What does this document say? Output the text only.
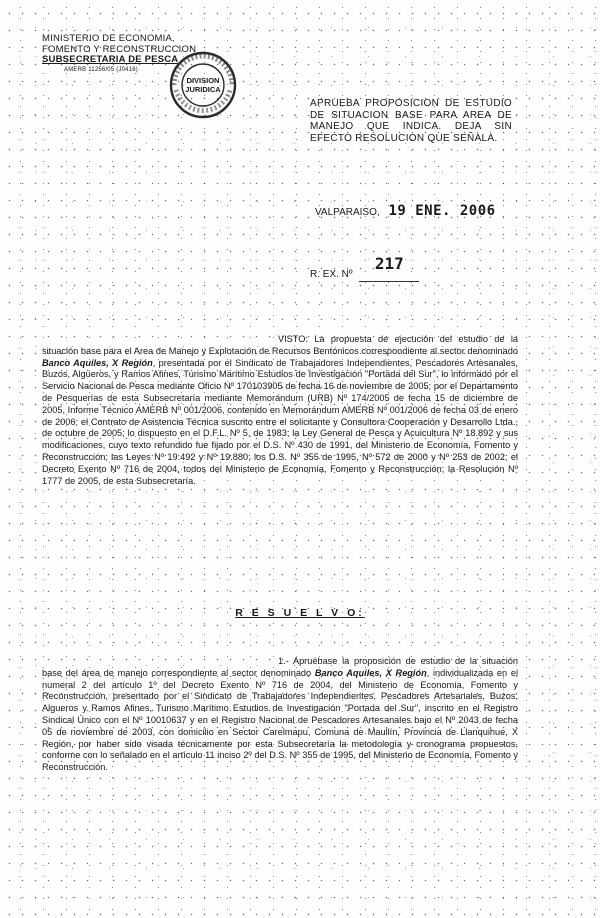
MINISTERIO DE ECONOMIA,
FOMENTO Y RECONSTRUCCION
SUBSECRETARIA DE PESCA
AMERB 11256/05 (J0416)
DIVISION
JURIDICA
APRUEBA PROPOSICION DE ESTUDIO DE SITUACION BASE PARA AREA DE MANEJO QUE INDICA. DEJA SIN EFECTO RESOLUCION QUE SEÑALA.
VALPARAISO, 19 ENE. 2006
R. EX. Nº 217
VISTO: La propuesta de ejecución del estudio de la situación base para el Area de Manejo y Explotación de Recursos Bentónicos correspondiente al sector denominado Banco Aquiles, X Región, presentada por el Sindicato de Trabajadores Independientes, Pescadores Artesanales, Buzos, Algueros, y Ramos Afines, Turismo Marítimo Estudios de Investigación "Portada del Sur", lo informado por el Servicio Nacional de Pesca mediante Oficio Nº 170103905 de fecha 16 de noviembre de 2005; por el Departamento de Pesquerías de esta Subsecretaría mediante Memorándum (URB) Nº 174/2005 de fecha 15 de diciembre de 2005, Informe Técnico AMERB Nº 001/2006, contenido en Memorándum AMERB Nº 001/2006 de fecha 03 de enero de 2006; el Contrato de Asistencia Técnica suscrito entre el solicitante y Consultora Cooperación y Desarrollo Ltda., de octubre de 2005; lo dispuesto en el D.F.L. Nº 5, de 1983; la Ley General de Pesca y Acuicultura Nº 18.892 y sus modificaciones, cuyo texto refundido fue fijado por el D.S. Nº 430 de 1991, del Ministerio de Economía, Fomento y Reconstrucción; las Leyes Nº 19.492 y Nº 19.880; los D.S. Nº 355 de 1995, Nº 572 de 2000 y Nº 253 de 2002; el Decreto Exento Nº 716 de 2004, todos del Ministerio de Economía, Fomento y Reconstrucción; la Resolución Nº 1777 de 2005, de esta Subsecretaría.
R E S U E L V O:
1.- Apruébase la proposición de estudio de la situación base del área de manejo correspondiente al sector denominado Banco Aquiles, X Región, individualizada en el numeral 2 del artículo 1º del Decreto Exento Nº 716 de 2004, del Ministerio de Economía, Fomento y Reconstrucción, presentado por el Sindicato de Trabajadores Independientes, Pescadores Artesanales, Buzos, Algueros y Ramos Afines, Turismo Marítimo Estudios de Investigación "Portada del Sur", inscrito en el Registro Sindical Único con el Nº 10010637 y en el Registro Nacional de Pescadores Artesanales bajo el Nº 2043 de fecha 05 de noviembre de 2003, con domicilio en Sector Carelmapu, Comuna de Maullín, Provincia de Llanquihue, X Región, por haber sido visada técnicamente por esta Subsecretaría la metodología y cronograma propuestos, conforme con lo señalado en el artículo 11 inciso 2º del D.S. Nº 355 de 1995, del Ministerio de Economía, Fomento y Reconstrucción.
